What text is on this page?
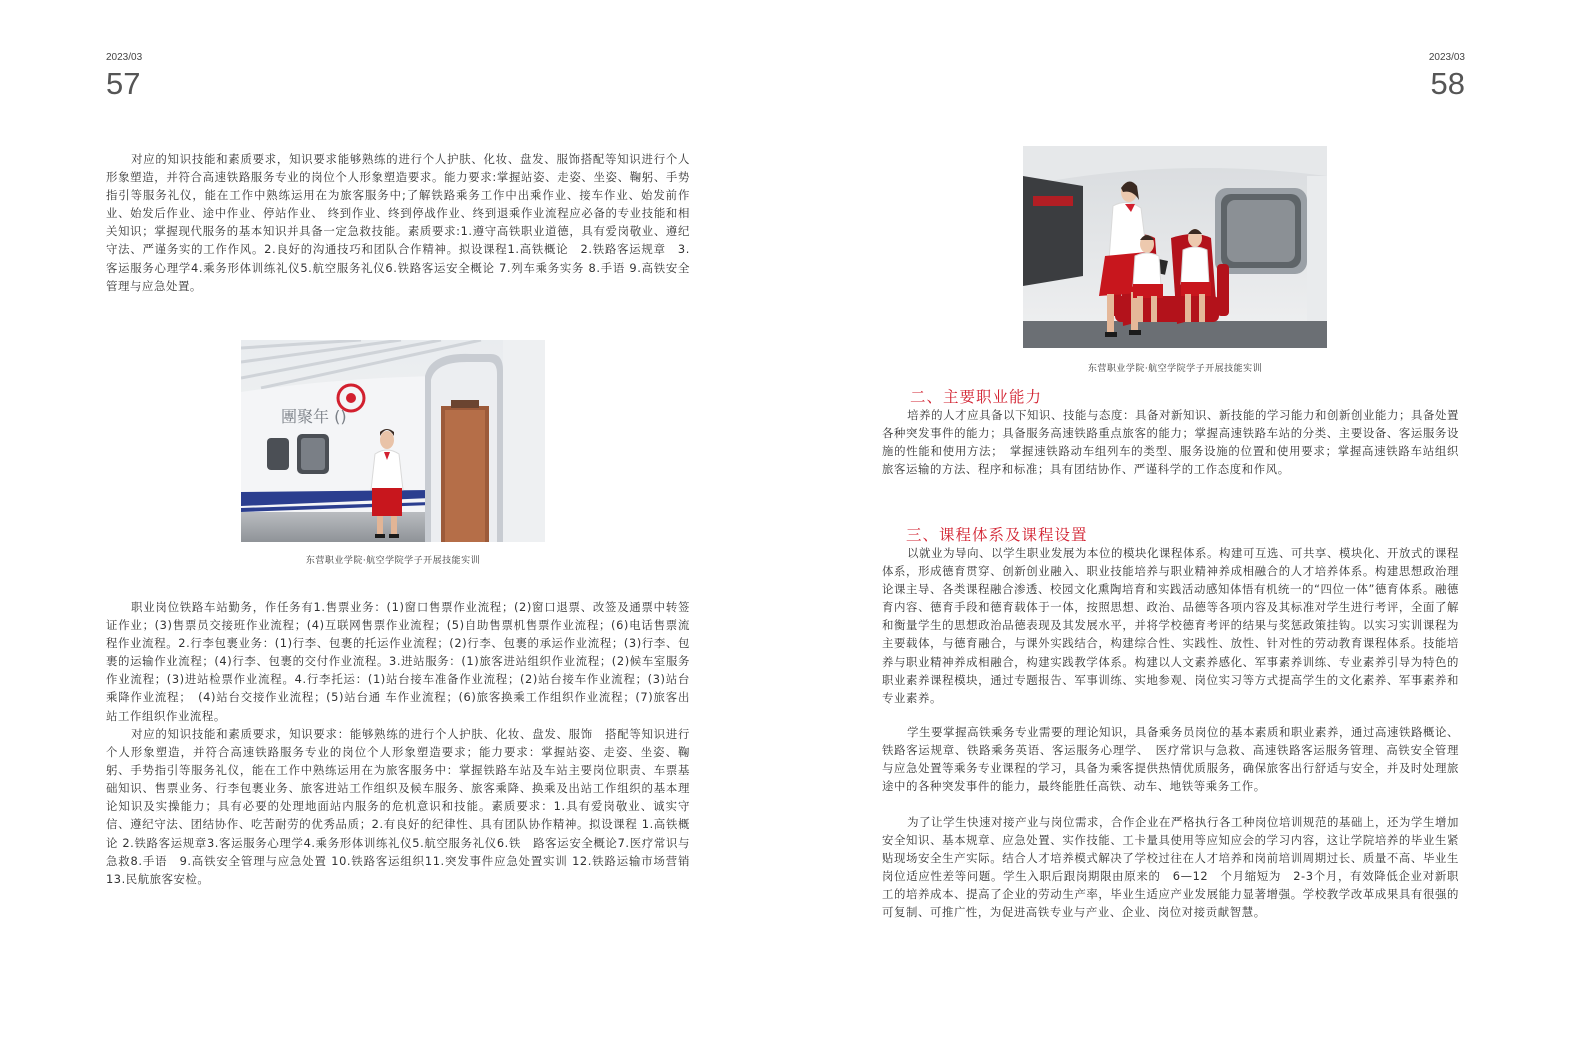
2023/03
57
对应的知识技能和素质要求，知识要求能够熟练的进行个人护肤、化妆、盘发、服饰搭配等知识进行个人形象塑造，并符合高速铁路服务专业的岗位个人形象塑造要求。能力要求:掌握站姿、走姿、坐姿、鞠躬、手势指引等服务礼仪，能在工作中熟练运用在为旅客服务中;了解铁路乘务工作中出乘作业、接车作业、始发前作业、始发后作业、途中作业、停站作业、 终到作业、终到停战作业、终到退乘作业流程应必备的专业技能和相关知识；掌握现代服务的基本知识并具备一定急救技能。素质要求:1.遵守高铁职业道德，具有爱岗敬业、遵纪守法、严谨务实的工作作风。2.良好的沟通技巧和团队合作精神。拟设课程1.高铁概论　2.铁路客运规章　3.客运服务心理学4.乘务形体训练礼仪5.航空服务礼仪6.铁路客运安全概论 7.列车乘务实务 8.手语 9.高铁安全管理与应急处置。
團聚年 ()
东营职业学院·航空学院学子开展技能实训
职业岗位铁路车站勤务，作任务有1.售票业务：(1)窗口售票作业流程；(2)窗口退票、改签及通票中转签证作业；(3)售票员交接班作业流程；(4)互联网售票作业流程；(5)自助售票机售票作业流程；(6)电话售票流程作业流程。2.行李包裹业务：(1)行李、包裹的托运作业流程；(2)行李、包裹的承运作业流程；(3)行李、包裹的运输作业流程；(4)行李、包裹的交付作业流程。3.进站服务：(1)旅客进站组织作业流程；(2)候车室服务作业流程；(3)进站检票作业流程。4.行李托运：(1)站台接车准备作业流程；(2)站台接车作业流程；(3)站台乘降作业流程；　(4)站台交接作业流程；(5)站台通 车作业流程；(6)旅客换乘工作组织作业流程；(7)旅客出站工作组织作业流程。
对应的知识技能和素质要求，知识要求：能够熟练的进行个人护肤、化妆、盘发、服饰　搭配等知识进行个人形象塑造，并符合高速铁路服务专业的岗位个人形象塑造要求；能力要求：掌握站姿、走姿、坐姿、鞠躬、手势指引等服务礼仪，能在工作中熟练运用在为旅客服务中：掌握铁路车站及车站主要岗位职责、车票基础知识、售票业务、行李包裹业务、旅客进站工作组织及候车服务、旅客乘降、换乘及出站工作组织的基本理论知识及实操能力；具有必要的处理地面站内服务的危机意识和技能。素质要求：1.具有爱岗敬业、诚实守信、遵纪守法、团结协作、吃苦耐劳的优秀品质；2.有良好的纪律性、具有团队协作精神。拟设课程 1.高铁概论 2.铁路客运规章3.客运服务心理学4.乘务形体训练礼仪5.航空服务礼仪6.铁　路客运安全概论7.医疗常识与急救8.手语　9.高铁安全管理与应急处置 10.铁路客运组织11.突发事件应急处置实训 12.铁路运输市场营销13.民航旅客安检。
2023/03
58
东营职业学院·航空学院学子开展技能实训
二、主要职业能力
培养的人才应具备以下知识、技能与态度：具备对新知识、新技能的学习能力和创新创业能力；具备处置各种突发事件的能力；具备服务高速铁路重点旅客的能力；掌握高速铁路车站的分类、主要设备、客运服务设施的性能和使用方法；　掌握速铁路动车组列车的类型、服务设施的位置和使用要求；掌握高速铁路车站组织旅客运输的方法、程序和标准；具有团结协作、严谨科学的工作态度和作风。
三、课程体系及课程设置
以就业为导向、以学生职业发展为本位的模块化课程体系。构建可互选、可共享、模块化、开放式的课程体系，形成德育贯穿、创新创业融入、职业技能培养与职业精神养成相融合的人才培养体系。构建思想政治理论课主导、各类课程融合渗透、校园文化熏陶培育和实践活动感知体悟有机统一的“四位一体”德育体系。融德育内容、德育手段和德育载体于一体，按照思想、政治、品德等各项内容及其标准对学生进行考评，全面了解和衡量学生的思想政治品德表现及其发展水平，并将学校德育考评的结果与奖惩政策挂钩。以实习实训课程为主要载体，与德育融合，与课外实践结合，构建综合性、实践性、放性、针对性的劳动教育课程体系。技能培养与职业精神养成相融合，构建实践教学体系。构建以人文素养感化、军事素养训练、专业素养引导为特色的职业素养课程模块，通过专题报告、军事训练、实地参观、岗位实习等方式提高学生的文化素养、军事素养和专业素养。
学生要掌握高铁乘务专业需要的理论知识，具备乘务员岗位的基本素质和职业素养，通过高速铁路概论、铁路客运规章、铁路乘务英语、客运服务心理学、　医疗常识与急救、高速铁路客运服务管理、高铁安全管理与应急处置等乘务专业课程的学习，具备为乘客提供热情优质服务，确保旅客出行舒适与安全，并及时处理旅途中的各种突发事件的能力，最终能胜任高铁、动车、地铁等乘务工作。
为了让学生快速对接产业与岗位需求，合作企业在严格执行各工种岗位培训规范的基础上，还为学生增加安全知识、基本规章、应急处置、实作技能、工卡量具使用等应知应会的学习内容，这让学院培养的毕业生紧贴现场安全生产实际。结合人才培养模式解决了学校过往在人才培养和岗前培训周期过长、质量不高、毕业生岗位适应性差等问题。学生入职后跟岗期限由原来的　6—12　个月缩短为　2-3个月，有效降低企业对新职工的培养成本、提高了企业的劳动生产率，毕业生适应产业发展能力显著增强。学校教学改革成果具有很强的可复制、可推广性，为促进高铁专业与产业、企业、岗位对接贡献智慧。
